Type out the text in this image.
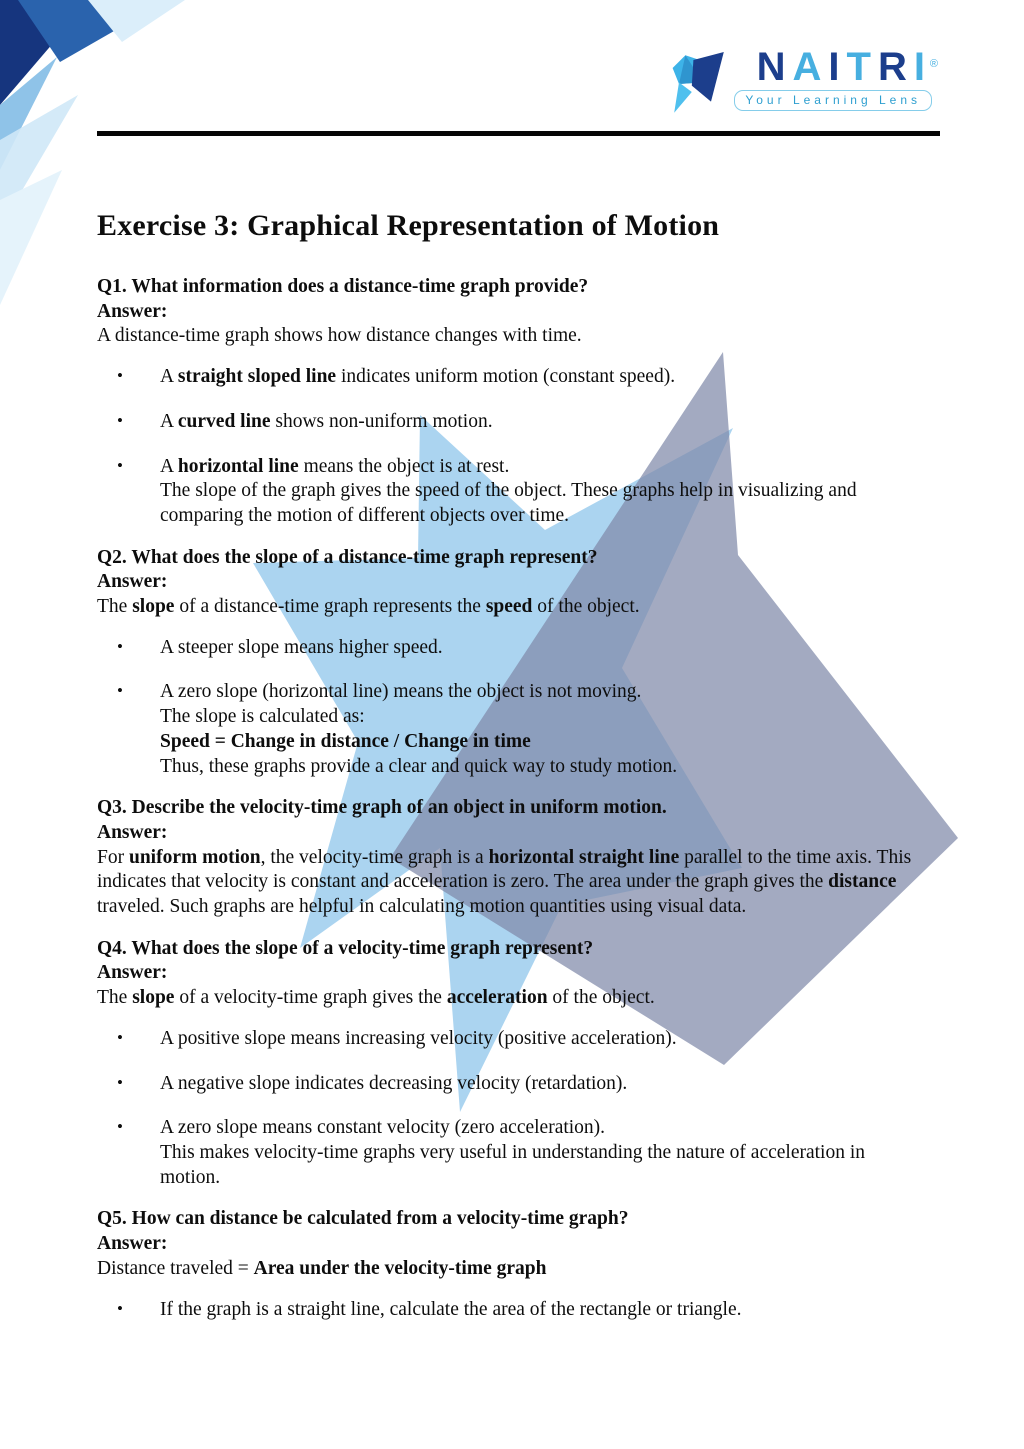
NAITRI
®
Your Learning Lens
Exercise 3: Graphical Representation of Motion
Q1. What information does a distance-time graph provide?
Answer:
A distance-time graph shows how distance changes with time.
• A straight sloped line indicates uniform motion (constant speed).
• A curved line shows non-uniform motion.
• A horizontal line means the object is at rest.
The slope of the graph gives the speed of the object. These graphs help in visualizing and comparing the motion of different objects over time.
Q2. What does the slope of a distance-time graph represent?
Answer:
The slope of a distance-time graph represents the speed of the object.
• A steeper slope means higher speed.
• A zero slope (horizontal line) means the object is not moving.
The slope is calculated as:
Speed = Change in distance / Change in time
Thus, these graphs provide a clear and quick way to study motion.
Q3. Describe the velocity-time graph of an object in uniform motion.
Answer:
For uniform motion, the velocity-time graph is a horizontal straight line parallel to the time axis. This indicates that velocity is constant and acceleration is zero. The area under the graph gives the distance traveled. Such graphs are helpful in calculating motion quantities using visual data.
Q4. What does the slope of a velocity-time graph represent?
Answer:
The slope of a velocity-time graph gives the acceleration of the object.
• A positive slope means increasing velocity (positive acceleration).
• A negative slope indicates decreasing velocity (retardation).
• A zero slope means constant velocity (zero acceleration).
This makes velocity-time graphs very useful in understanding the nature of acceleration in motion.
Q5. How can distance be calculated from a velocity-time graph?
Answer:
Distance traveled = Area under the velocity-time graph
• If the graph is a straight line, calculate the area of the rectangle or triangle.
